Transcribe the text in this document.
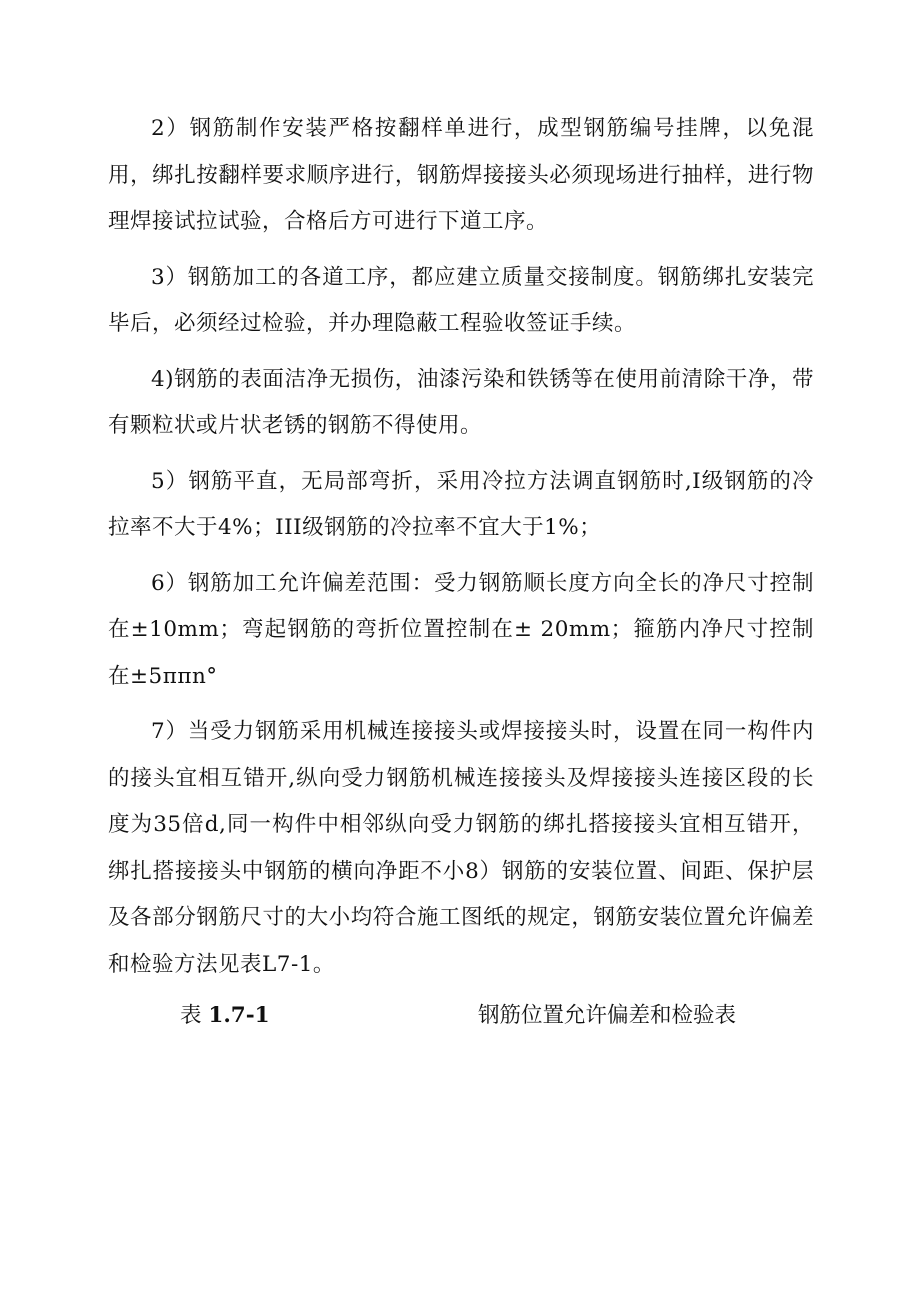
2）钢筋制作安装严格按翻样单进行，成型钢筋编号挂牌，以免混用，绑扎按翻样要求顺序进行，钢筋焊接接头必须现场进行抽样，进行物理焊接试拉试验，合格后方可进行下道工序。

3）钢筋加工的各道工序，都应建立质量交接制度。钢筋绑扎安装完毕后，必须经过检验，并办理隐蔽工程验收签证手续。

4)钢筋的表面洁净无损伤，油漆污染和铁锈等在使用前清除干净，带有颗粒状或片状老锈的钢筋不得使用。

5）钢筋平直，无局部弯折，采用冷拉方法调直钢筋时,I级钢筋的冷拉率不大于4%；III级钢筋的冷拉率不宜大于1%；

6）钢筋加工允许偏差范围：受力钢筋顺长度方向全长的净尺寸控制在±10mm；弯起钢筋的弯折位置控制在± 20mm；箍筋内净尺寸控制在±5ππn°

7）当受力钢筋采用机械连接接头或焊接接头时，设置在同一构件内的接头宜相互错开,纵向受力钢筋机械连接接头及焊接接头连接区段的长度为35倍d,同一构件中相邻纵向受力钢筋的绑扎搭接接头宜相互错开，绑扎搭接接头中钢筋的横向净距不小8）钢筋的安装位置、间距、保护层及各部分钢筋尺寸的大小均符合施工图纸的规定，钢筋安装位置允许偏差和检验方法见表L7-1。

表 1.7-1	钢筋位置允许偏差和检验表
